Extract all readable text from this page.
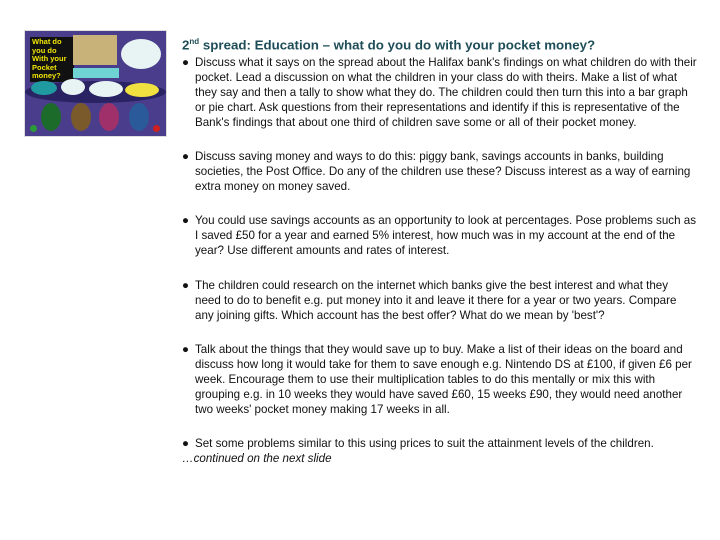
What do you do With your Pocket money?
2nd spread: Education – what do you do with your pocket money?

● Discuss what it says on the spread about the Halifax bank's findings on what children do with their pocket. Lead a discussion on what the children in your class do with theirs. Make a list of what they say and then a tally to show what they do. The children could then turn this into a bar graph or pie chart. Ask questions from their representations and identify if this is representative of the Bank's findings that about one third of children save some or all of their pocket money.

● Discuss saving money and ways to do this: piggy bank, savings accounts in banks, building societies, the Post Office. Do any of the children use these? Discuss interest as a way of earning extra money on money saved.

● You could use savings accounts as an opportunity to look at percentages. Pose problems such as I saved £50 for a year and earned 5% interest, how much was in my account at the end of the year? Use different amounts and rates of interest.

● The children could research on the internet which banks give the best interest and what they need to do to benefit e.g. put money into it and leave it there for a year or two years. Compare any joining gifts. Which account has the best offer? What do we mean by 'best'?

● Talk about the things that they would save up to buy. Make a list of their ideas on the board and discuss how long it would take for them to save enough e.g. Nintendo DS at £100, if given £6 per week. Encourage them to use their multiplication tables to do this mentally or mix this with grouping e.g. in 10 weeks they would have saved £60, 15 weeks £90, they would need another two weeks' pocket money making 17 weeks in all.

● Set some problems similar to this using prices to suit the attainment levels of the children.

…continued on the next slide
